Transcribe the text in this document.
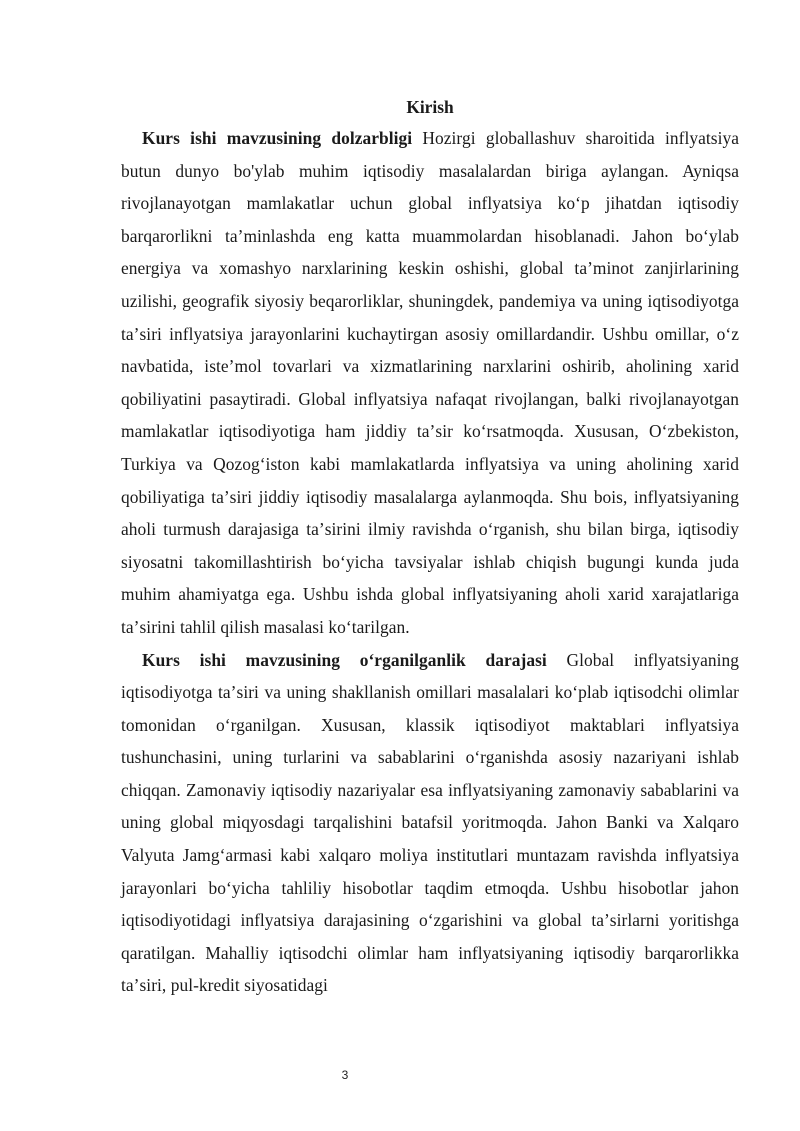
Kirish

Kurs ishi mavzusining dolzarbligi Hozirgi globallashuv sharoitida inflyatsiya butun dunyo bo'ylab muhim iqtisodiy masalalardan biriga aylangan. Ayniqsa rivojlanayotgan mamlakatlar uchun global inflyatsiya koʻp jihatdan iqtisodiy barqarorlikni taʼminlashda eng katta muammolardan hisoblanadi. Jahon boʻylab energiya va xomashyo narxlarining keskin oshishi, global taʼminot zanjirlarining uzilishi, geografik siyosiy beqarorliklar, shuningdek, pandemiya va uning iqtisodiyotga taʼsiri inflyatsiya jarayonlarini kuchaytirgan asosiy omillardandir. Ushbu omillar, oʻz navbatida, isteʼmol tovarlari va xizmatlarining narxlarini oshirib, aholining xarid qobiliyatini pasaytiradi. Global inflyatsiya nafaqat rivojlangan, balki rivojlanayotgan mamlakatlar iqtisodiyotiga ham jiddiy taʼsir koʻrsatmoqda. Xususan, Oʻzbekiston, Turkiya va Qozogʻiston kabi mamlakatlarda inflyatsiya va uning aholining xarid qobiliyatiga taʼsiri jiddiy iqtisodiy masalalarga aylanmoqda. Shu bois, inflyatsiyaning aholi turmush darajasiga taʼsirini ilmiy ravishda oʻrganish, shu bilan birga, iqtisodiy siyosatni takomillashtirish boʻyicha tavsiyalar ishlab chiqish bugungi kunda juda muhim ahamiyatga ega. Ushbu ishda global inflyatsiyaning aholi xarid xarajatlariga taʼsirini tahlil qilish masalasi koʻtarilgan.

Kurs ishi mavzusining oʻrganilganlik darajasi Global inflyatsiyaning iqtisodiyotga taʼsiri va uning shakllanish omillari masalalari koʻplab iqtisodchi olimlar tomonidan oʻrganilgan. Xususan, klassik iqtisodiyot maktablari inflyatsiya tushunchasini, uning turlarini va sabablarini oʻrganishda asosiy nazariyani ishlab chiqqan. Zamonaviy iqtisodiy nazariyalar esa inflyatsiyaning zamonaviy sabablarini va uning global miqyosdagi tarqalishini batafsil yoritmoqda. Jahon Banki va Xalqaro Valyuta Jamgʻarmasi kabi xalqaro moliya institutlari muntazam ravishda inflyatsiya jarayonlari boʻyicha tahliliy hisobotlar taqdim etmoqda. Ushbu hisobotlar jahon iqtisodiyotidagi inflyatsiya darajasining oʻzgarishini va global taʼsirlarni yoritishga qaratilgan. Mahalliy iqtisodchi olimlar ham inflyatsiyaning iqtisodiy barqarorlikka taʼsiri, pul-kredit siyosatidagi

3
